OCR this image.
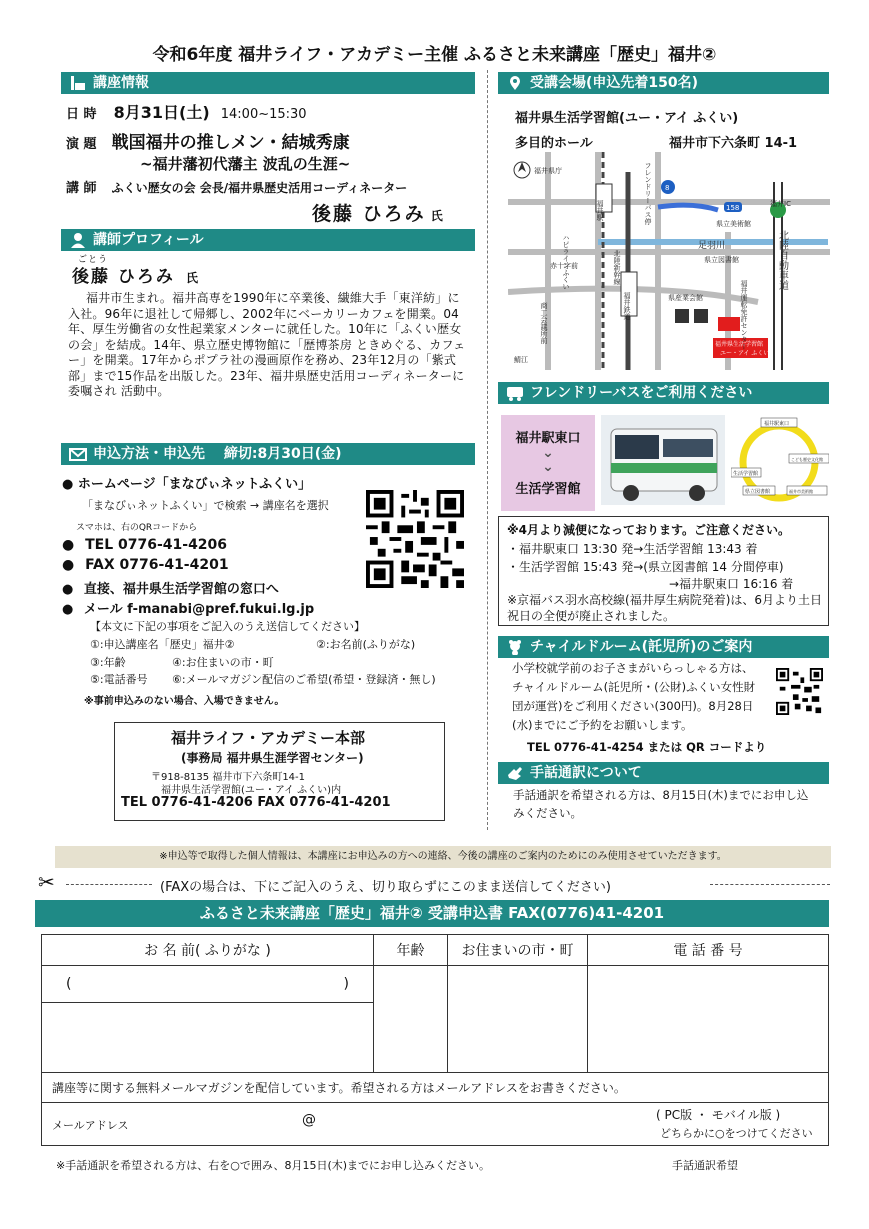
令和6年度 福井ライフ・アカデミー主催 ふるさと未来講座「歴史」福井②
講座情報
日 時 8月31日(土) 14:00~15:30
演 題 戦国福井の推しメン・結城秀康
~福井藩初代藩主 波乱の生涯~
講 師 ふくい歴女の会 会長/福井県歴史活用コーディネーター
後藤 ひろみ 氏
講師プロフィール
ごとう
後藤 ひろみ 氏
福井市生まれ。福井高専を1990年に卒業後、繊維大手「東洋紡」に入社。96年に退社して帰郷し、2002年にベーカリーカフェを開業。04年、厚生労働省の女性起業家メンターに就任した。10年に「ふくい歴女の会」を結成。14年、県立歴史博物館に「歴博茶房 ときめぐる、カフェー」を開業。17年からポプラ社の漫画原作を務め、23年12月の「紫式部」まで15作品を出版した。23年、福井県歴史活用コーディネーターに委嘱され 活動中。
申込方法・申込先 締切:8月30日(金)
● ホームページ「まなびぃネットふくい」
「まなびぃネットふくい」で検索 → 講座名を選択
スマホは、右のQRコードから
● TEL 0776-41-4206
● FAX 0776-41-4201
● 直接、福井県生活学習館の窓口へ
● メール f-manabi@pref.fukui.lg.jp
【本文に下記の事項をご記入のうえ送信してください】
①:申込講座名「歴史」福井②	②:お名前(ふりがな)
③:年齢	④:お住まいの市・町
⑤:電話番号 ⑥:メールマガジン配信のご希望(希望・登録済・無し)
※事前申込みのない場合、入場できません。
福井ライフ・アカデミー本部
(事務局 福井県生涯学習センター)
〒918-8135 福井市下六条町14-1
福井県生活学習館(ユー・アイ ふくい)内
TEL 0776-41-4206 FAX 0776-41-4201
受講会場(申込先着150名)
福井県生活学習館(ユー・アイ ふくい)
多目的ホール	福井市下六条町 14-1
福井県庁
福井駅
北陸新幹線
福井鉄道
フレンドリーバス停
足羽川
県立図書館
県立美術館
北陸自動車道
福井IC
福井県生活学習館
ユー・アイ ふくい
ハピラインふくい
赤十字前
商工会議所前
県産業会館	福井運転免許センター
鯖江
8
158
フレンドリーバスをご利用ください
福井駅東口
⌄
⌄
生活学習館
福井駅東口
こども歴史文化館
福井市美術館
県立図書館
生活学習館
※4月より減便になっております。ご注意ください。
・福井駅東口 13:30 発→生活学習館 13:43 着
・生活学習館 15:43 発→(県立図書館 14 分間停車)
→福井駅東口 16:16 着
※京福バス羽水高校線(福井厚生病院発着)は、6月より土日祝日の全便が廃止されました。
チャイルドルーム(託児所)のご案内
小学校就学前のお子さまがいらっしゃる方は、チャイルドルーム(託児所・(公財)ふくい女性財団が運営)をご利用ください(300円)。8月28日(水)までにご予約をお願いします。
TEL 0776-41-4254 または QR コードより
手話通訳について
手話通訳を希望される方は、8月15日(木)までにお申し込みください。
※申込等で取得した個人情報は、本講座にお申込みの方への連絡、今後の講座のご案内のためにのみ使用させていただきます。
✂	(FAXの場合は、下にご記入のうえ、切り取らずにこのまま送信してください)
ふるさと未来講座「歴史」福井② 受講申込書 FAX(0776)41-4201
お 名 前( ふりがな )	年齢	お住まいの市・町	電 話 番 号
( )			

講座等に関する無料メールマガジンを配信しています。希望される方はメールアドレスをお書きください。			

メールアドレス @ ( PC版 ・ モバイル版 )
どちらかに○をつけてください			
※手話通訳を希望される方は、右を○で囲み、8月15日(木)までにお申し込みください。	手話通訳希望
